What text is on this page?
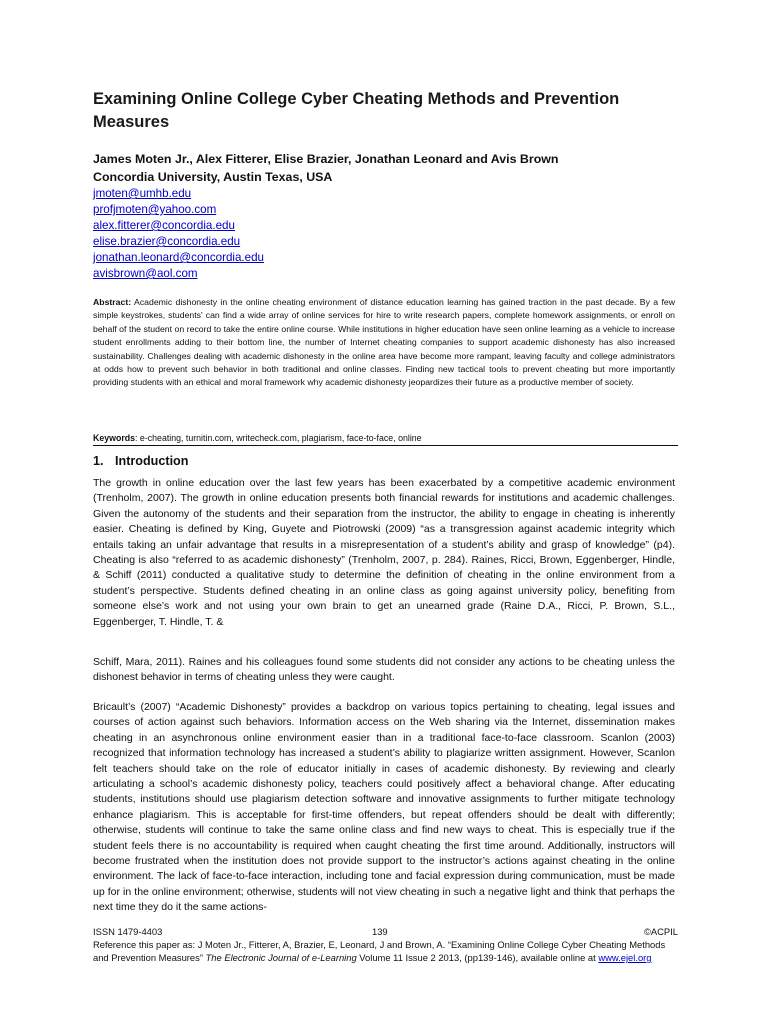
Examining Online College Cyber Cheating Methods and Prevention Measures
James Moten Jr., Alex Fitterer, Elise Brazier, Jonathan Leonard and Avis Brown
Concordia University, Austin Texas, USA
jmoten@umhb.edu
profjmoten@yahoo.com
alex.fitterer@concordia.edu
elise.brazier@concordia.edu
jonathan.leonard@concordia.edu
avisbrown@aol.com
Abstract: Academic dishonesty in the online cheating environment of distance education learning has gained traction in the past decade. By a few simple keystrokes, students' can find a wide array of online services for hire to write research papers, complete homework assignments, or enroll on behalf of the student on record to take the entire online course. While institutions in higher education have seen online learning as a vehicle to increase student enrollments adding to their bottom line, the number of Internet cheating companies to support academic dishonesty has also increased sustainability. Challenges dealing with academic dishonesty in the online area have become more rampant, leaving faculty and college administrators at odds how to prevent such behavior in both traditional and online classes. Finding new tactical tools to prevent cheating but more importantly providing students with an ethical and moral framework why academic dishonesty jeopardizes their future as a productive member of society.
Keywords: e-cheating, turnitin.com, writecheck.com, plagiarism, face-to-face, online
1. Introduction
The growth in online education over the last few years has been exacerbated by a competitive academic environment (Trenholm, 2007). The growth in online education presents both financial rewards for institutions and academic challenges. Given the autonomy of the students and their separation from the instructor, the ability to engage in cheating is inherently easier. Cheating is defined by King, Guyete and Piotrowski (2009) “as a transgression against academic integrity which entails taking an unfair advantage that results in a misrepresentation of a student’s ability and grasp of knowledge” (p4). Cheating is also “referred to as academic dishonesty” (Trenholm, 2007, p. 284). Raines, Ricci, Brown, Eggenberger, Hindle, & Schiff (2011) conducted a qualitative study to determine the definition of cheating in the online environment from a student’s perspective. Students defined cheating in an online class as going against university policy, benefiting from someone else’s work and not using your own brain to get an unearned grade (Raine D.A., Ricci, P. Brown, S.L., Eggenberger, T. Hindle, T. &
Schiff, Mara, 2011). Raines and his colleagues found some students did not consider any actions to be cheating unless the dishonest behavior in terms of cheating unless they were caught.
Bricault’s (2007) “Academic Dishonesty” provides a backdrop on various topics pertaining to cheating, legal issues and courses of action against such behaviors. Information access on the Web sharing via the Internet, dissemination makes cheating in an asynchronous online environment easier than in a traditional face-to-face classroom. Scanlon (2003) recognized that information technology has increased a student’s ability to plagiarize written assignment. However, Scanlon felt teachers should take on the role of educator initially in cases of academic dishonesty. By reviewing and clearly articulating a school’s academic dishonesty policy, teachers could positively affect a behavioral change. After educating students, institutions should use plagiarism detection software and innovative assignments to further mitigate technology enhance plagiarism. This is acceptable for first-time offenders, but repeat offenders should be dealt with differently; otherwise, students will continue to take the same online class and find new ways to cheat. This is especially true if the student feels there is no accountability is required when caught cheating the first time around. Additionally, instructors will become frustrated when the institution does not provide support to the instructor’s actions against cheating in the online environment. The lack of face-to-face interaction, including tone and facial expression during communication, must be made up for in the online environment; otherwise, students will not view cheating in such a negative light and think that perhaps the next time they do it the same actions-
ISSN 1479-4403	139	©ACPIL
Reference this paper as: J Moten Jr., Fitterer, A, Brazier, E, Leonard, J and Brown, A. “Examining Online College Cyber Cheating Methods and Prevention Measures” The Electronic Journal of e-Learning Volume 11 Issue 2 2013, (pp139-146), available online at www.ejel.org
